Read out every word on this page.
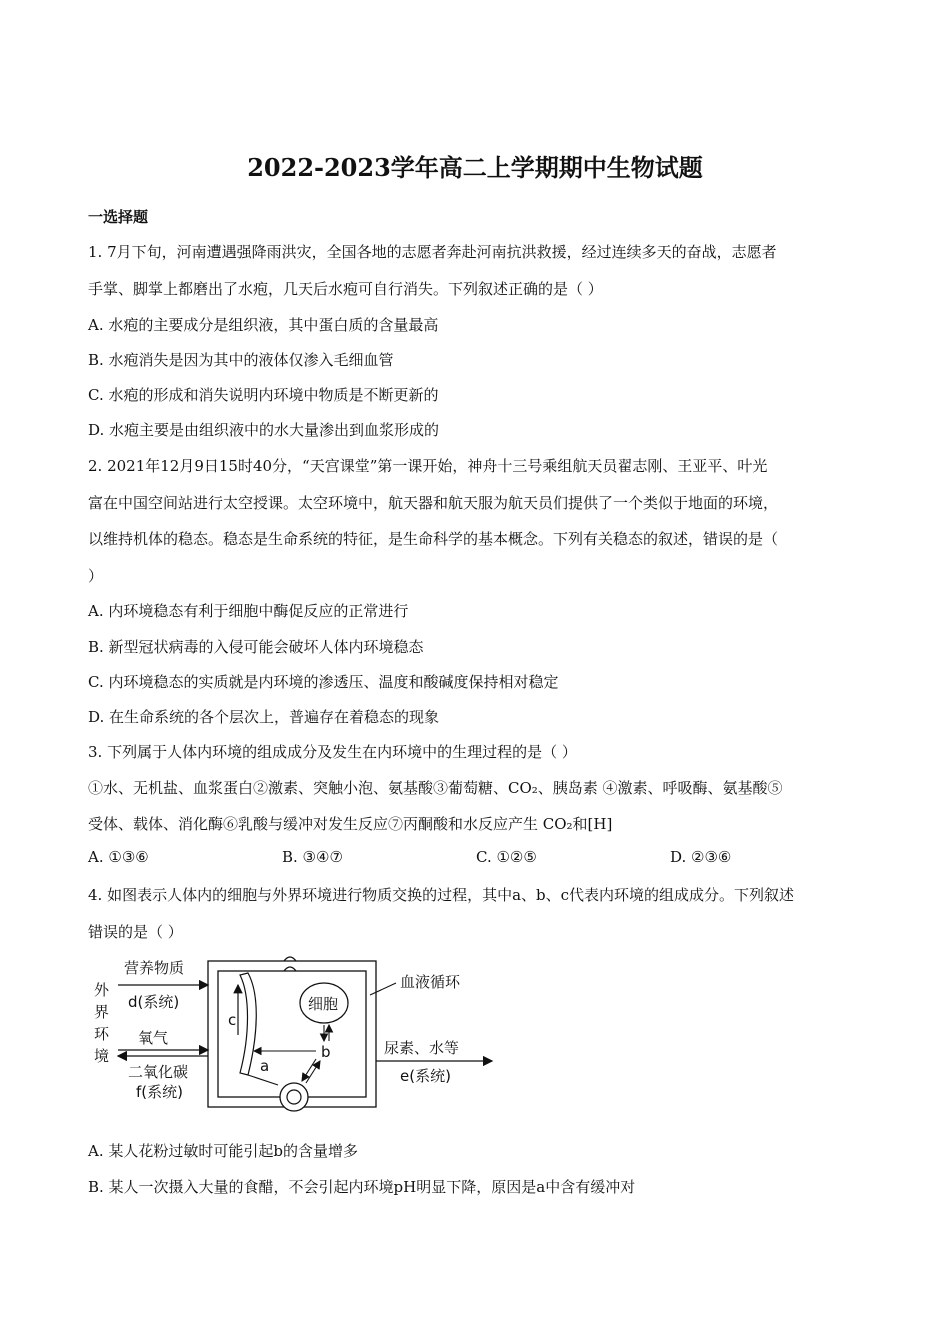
2022-2023学年高二上学期期中生物试题
一选择题
1. 7月下旬，河南遭遇强降雨洪灾，全国各地的志愿者奔赴河南抗洪救援，经过连续多天的奋战，志愿者
手掌、脚掌上都磨出了水疱，几天后水疱可自行消失。下列叙述正确的是（ ）
A. 水疱的主要成分是组织液，其中蛋白质的含量最高
B. 水疱消失是因为其中的液体仅渗入毛细血管
C. 水疱的形成和消失说明内环境中物质是不断更新的
D. 水疱主要是由组织液中的水大量渗出到血浆形成的
2. 2021年12月9日15时40分，“天宫课堂”第一课开始，神舟十三号乘组航天员翟志刚、王亚平、叶光
富在中国空间站进行太空授课。太空环境中，航天器和航天服为航天员们提供了一个类似于地面的环境，
以维持机体的稳态。稳态是生命系统的特征，是生命科学的基本概念。下列有关稳态的叙述，错误的是（
）
A. 内环境稳态有利于细胞中酶促反应的正常进行
B. 新型冠状病毒的入侵可能会破坏人体内环境稳态
C. 内环境稳态的实质就是内环境的渗透压、温度和酸碱度保持相对稳定
D. 在生命系统的各个层次上，普遍存在着稳态的现象
3. 下列属于人体内环境的组成成分及发生在内环境中的生理过程的是（ ）
①水、无机盐、血浆蛋白②激素、突触小泡、氨基酸③葡萄糖、CO₂、胰岛素 ④激素、呼吸酶、氨基酸⑤
受体、载体、消化酶⑥乳酸与缓冲对发生反应⑦丙酮酸和水反应产生 CO₂和[H]
A. ①③⑥	B. ③④⑦	C. ①②⑤	D. ②③⑥
4. 如图表示人体内的细胞与外界环境进行物质交换的过程，其中a、b、c代表内环境的组成成分。下列叙述
错误的是（ ）
外
界
环
境
营养物质
d(系统)
氧气
二氧化碳
f(系统)
c
细胞
b
a
血液循环
尿素、水等
e(系统)
A. 某人花粉过敏时可能引起b的含量增多
B. 某人一次摄入大量的食醋，不会引起内环境pH明显下降，原因是a中含有缓冲对
